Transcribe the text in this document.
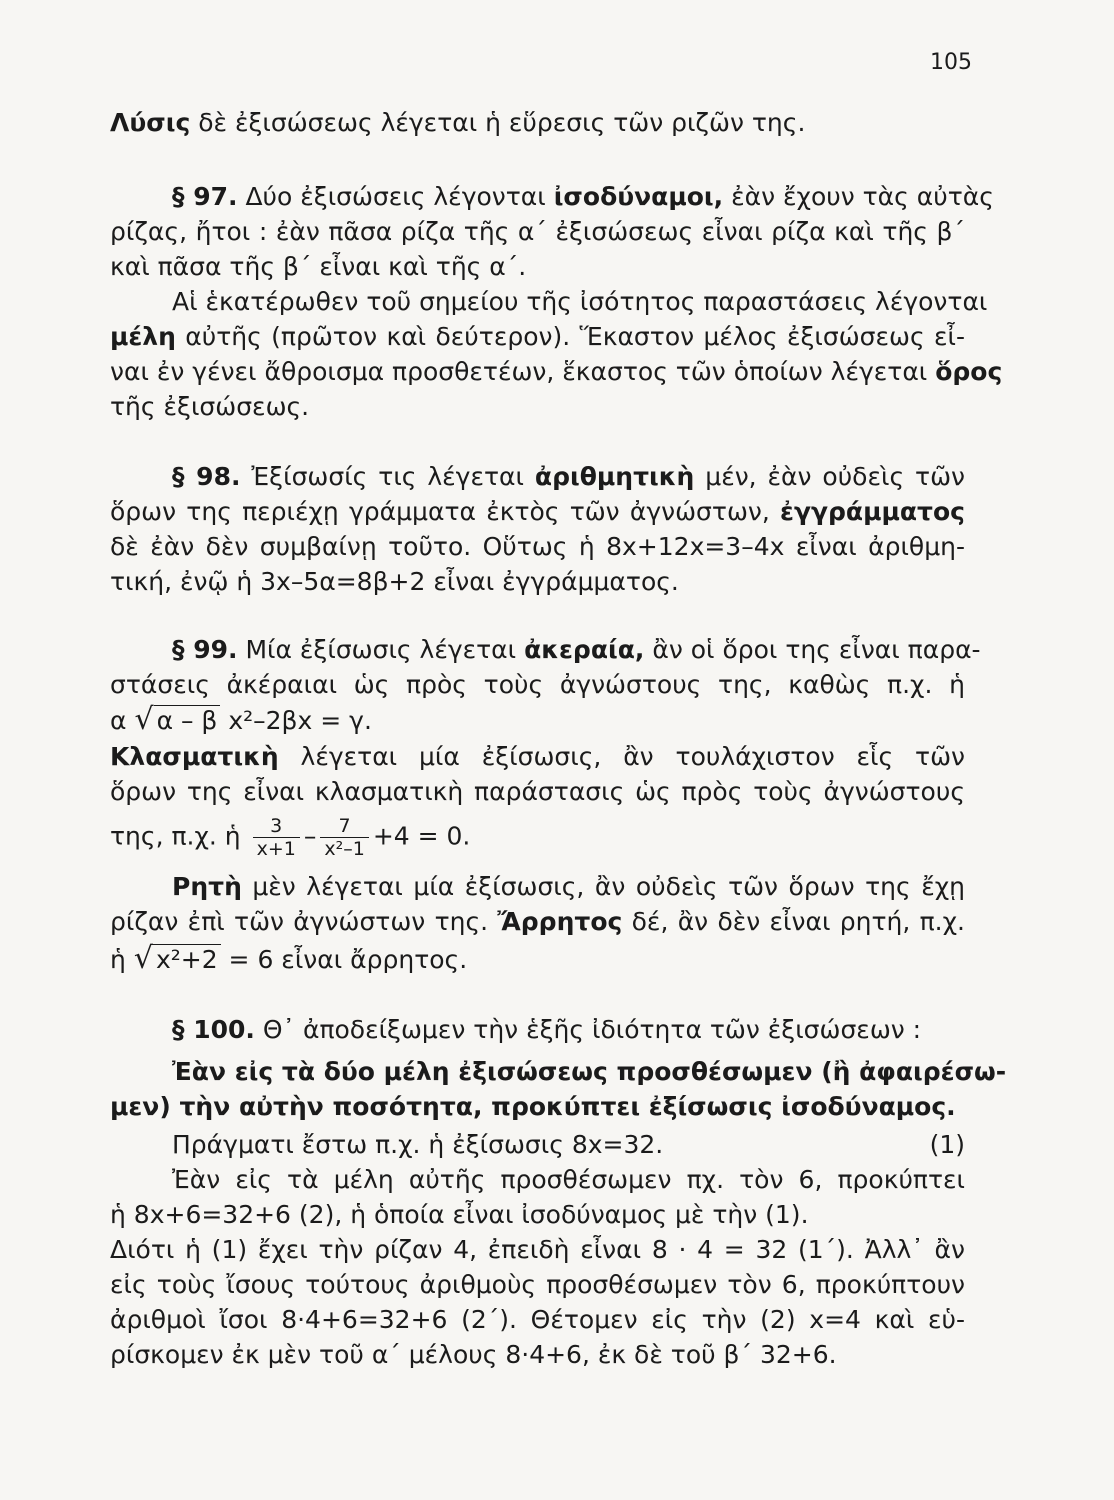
105
Λύσις δὲ ἐξισώσεως λέγεται ἡ εὕρεσις τῶν ριζῶν της.
§ 97. Δύο ἐξισώσεις λέγονται ἰσοδύναμοι, ἐὰν ἔχουν τὰς αὐτὰς
ρίζας, ἤτοι : ἐὰν πᾶσα ρίζα τῆς α΄ ἐξισώσεως εἶναι ρίζα καὶ τῆς β΄
καὶ πᾶσα τῆς β΄ εἶναι καὶ τῆς α΄.
Αἱ ἑκατέρωθεν τοῦ σημείου τῆς ἰσότητος παραστάσεις λέγονται
μέλη αὐτῆς (πρῶτον καὶ δεύτερον). Ἕκαστον μέλος ἐξισώσεως εἶ-
ναι ἐν γένει ἄθροισμα προσθετέων, ἕκαστος τῶν ὁποίων λέγεται ὅρος
τῆς ἐξισώσεως.
§ 98. Ἐξίσωσίς τις λέγεται ἀριθμητικὴ μέν, ἐὰν οὐδεὶς τῶν
ὅρων της περιέχῃ γράμματα ἐκτὸς τῶν ἀγνώστων, ἐγγράμματος
δὲ ἐὰν δὲν συμβαίνῃ τοῦτο. Οὕτως ἡ 8x+12x=3–4x εἶναι ἀριθμη-
τική, ἐνῷ ἡ 3x–5α=8β+2 εἶναι ἐγγράμματος.
§ 99. Μία ἐξίσωσις λέγεται ἀκεραία, ἂν οἱ ὅροι της εἶναι παρα-
στάσεις ἀκέραιαι ὡς πρὸς τοὺς ἀγνώστους της, καθὼς π.χ. ἡ
α √ α – β x²–2βx = γ.
Κλασματικὴ λέγεται μία ἐξίσωσις, ἂν τουλάχιστον εἷς τῶν
ὅρων της εἶναι κλασματικὴ παράστασις ὡς πρὸς τοὺς ἀγνώστους
της, π.χ. ἡ $\frac{3}{x+1} - \frac{7}{\text{x²–1}} +4 = 0$.
Ρητὴ μὲν λέγεται μία ἐξίσωσις, ἂν οὐδεὶς τῶν ὅρων της ἔχῃ
ρίζαν ἐπὶ τῶν ἀγνώστων της. Ἄρρητος δέ, ἂν δὲν εἶναι ρητή, π.χ.
ἡ √ x²+2 = 6 εἶναι ἄρρητος.
§ 100. Θ᾽ ἀποδείξωμεν τὴν ἑξῆς ἰδιότητα τῶν ἐξισώσεων :
Ἐὰν εἰς τὰ δύο μέλη ἐξισώσεως προσθέσωμεν (ἢ ἀφαιρέσω-
μεν) τὴν αὐτὴν ποσότητα, προκύπτει ἐξίσωσις ἰσοδύναμος.
Πράγματι ἔστω π.χ. ἡ ἐξίσωσις 8x=32.	(1)
Ἐὰν εἰς τὰ μέλη αὐτῆς προσθέσωμεν πχ. τὸν 6, προκύπτει
ἡ 8x+6=32+6 (2), ἡ ὁποία εἶναι ἰσοδύναμος μὲ τὴν (1).
Διότι ἡ (1) ἔχει τὴν ρίζαν 4, ἐπειδὴ εἶναι 8 · 4 = 32 (1΄). Ἀλλ᾽ ἂν
εἰς τοὺς ἴσους τούτους ἀριθμοὺς προσθέσωμεν τὸν 6, προκύπτουν
ἀριθμοὶ ἴσοι 8·4+6=32+6 (2΄). Θέτομεν εἰς τὴν (2) x=4 καὶ εὑ-
ρίσκομεν ἐκ μὲν τοῦ α΄ μέλους 8·4+6, ἐκ δὲ τοῦ β΄ 32+6.
